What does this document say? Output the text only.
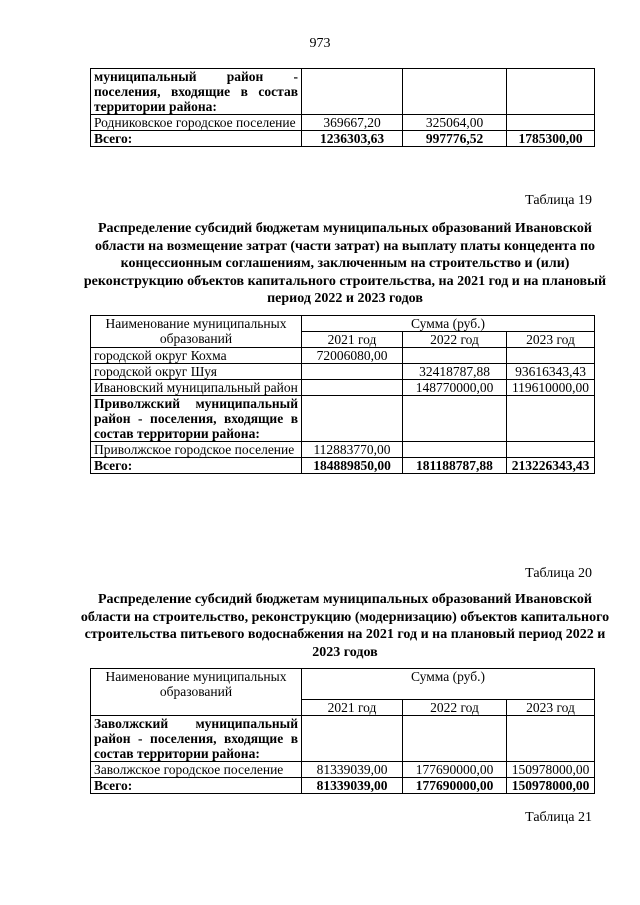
973
муниципальный район - поселения, входящие в состав территории района:			
Родниковское городское поселение	369667,20	325064,00	
Всего:	1236303,63	997776,52	1785300,00
Таблица 19
Распределение субсидий бюджетам муниципальных образований Ивановской области на возмещение затрат (части затрат) на выплату платы концедента по концессионным соглашениям, заключенным на строительство и (или) реконструкцию объектов капитального строительства, на 2021 год и на плановый период 2022 и 2023 годов
Наименование муниципальных образований	Сумма (руб.)		
	2021 год	2022 год	2023 год
городской округ Кохма	72006080,00		
городской округ Шуя		32418787,88	93616343,43
Ивановский муниципальный район		148770000,00	119610000,00
Приволжский муниципальный район - поселения, входящие в состав территории района:			
Приволжское городское поселение	112883770,00		
Всего:	184889850,00	181188787,88	213226343,43
Таблица 20
Распределение субсидий бюджетам муниципальных образований Ивановской области на строительство, реконструкцию (модернизацию) объектов капитального строительства питьевого водоснабжения на 2021 год и на плановый период 2022 и 2023 годов
Наименование муниципальных образований	Сумма (руб.)		
	2021 год	2022 год	2023 год
Заволжский муниципальный район - поселения, входящие в состав территории района:			
Заволжское городское поселение	81339039,00	177690000,00	150978000,00
Всего:	81339039,00	177690000,00	150978000,00
Таблица 21
